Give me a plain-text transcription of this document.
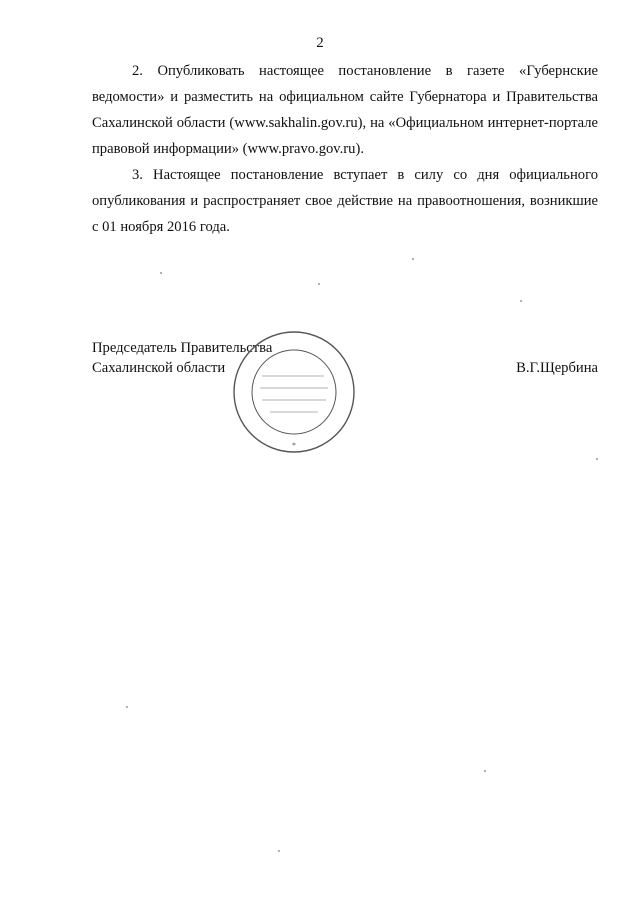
2

2. Опубликовать настоящее постановление в газете «Губернские ведомости» и разместить на официальном сайте Губернатора и Правительства Сахалинской области (www.sakhalin.gov.ru), на «Официальном интернет-портале правовой информации» (www.pravo.gov.ru).

3. Настоящее постановление вступает в силу со дня официального опубликования и распространяет свое действие на правоотношения, возникшие с 01 ноября 2016 года.

Председатель Правительства Сахалинской области	В.Г.Щербина
*
